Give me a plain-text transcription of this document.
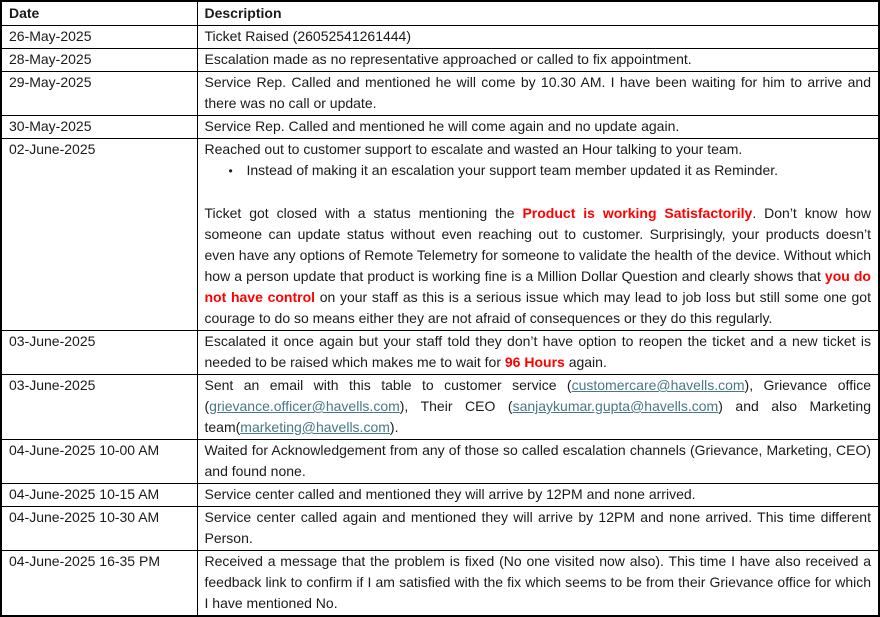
Date	Description
26-May-2025	Ticket Raised (26052541261444)

28-May-2025	Escalation made as no representative approached or called to fix appointment.

29-May-2025	Service Rep. Called and mentioned he will come by 10.30 AM. I have been waiting for him to arrive and there was no call or update.

30-May-2025	Service Rep. Called and mentioned he will come again and no update again.

02-June-2025	Reached out to customer support to escalate and wasted an Hour talking to your team.
• Instead of making it an escalation your support team member updated it as Reminder.
Ticket got closed with a status mentioning the Product is working Satisfactorily. Don’t know how someone can update status without even reaching out to customer. Surprisingly, your products doesn’t even have any options of Remote Telemetry for someone to validate the health of the device. Without which how a person update that product is working fine is a Million Dollar Question and clearly shows that you do not have control on your staff as this is a serious issue which may lead to job loss but still some one got courage to do so means either they are not afraid of consequences or they do this regularly.

03-June-2025	Escalated it once again but your staff told they don’t have option to reopen the ticket and a new ticket is needed to be raised which makes me to wait for 96 Hours again.

03-June-2025	Sent an email with this table to customer service (customercare@havells.com), Grievance office (grievance.officer@havells.com), Their CEO (sanjaykumar.gupta@havells.com) and also Marketing team(marketing@havells.com).

04-June-2025 10-00 AM	Waited for Acknowledgement from any of those so called escalation channels (Grievance, Marketing, CEO) and found none.

04-June-2025 10-15 AM	Service center called and mentioned they will arrive by 12PM and none arrived.

04-June-2025 10-30 AM	Service center called again and mentioned they will arrive by 12PM and none arrived. This time different Person.

04-June-2025 16-35 PM	Received a message that the problem is fixed (No one visited now also). This time I have also received a feedback link to confirm if I am satisfied with the fix which seems to be from their Grievance office for which I have mentioned No.
